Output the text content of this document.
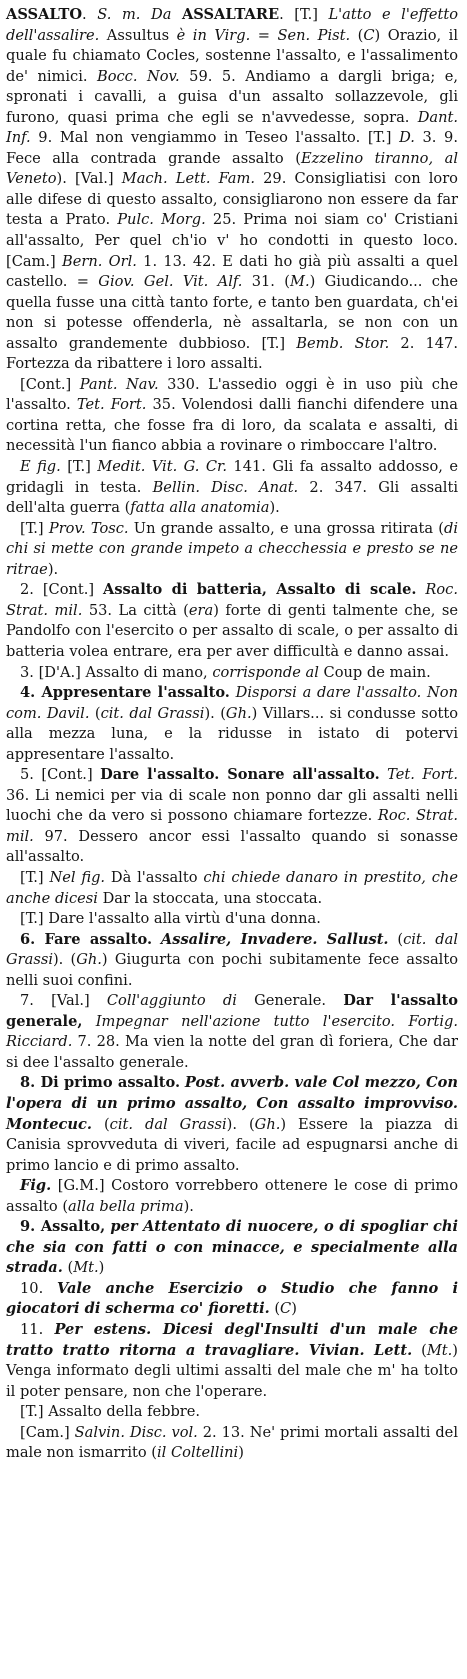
ASSALTO. S. m. Da ASSALTARE. [T.] L'atto e l'effetto dell'assalire. Assultus è in Virg. = Sen. Pist. (C) Orazio, il quale fu chiamato Cocles, sostenne l'assalto, e l'assalimento de' nimici. Bocc. Nov. 59. 5. Andiamo a dargli briga; e, spronati i cavalli, a guisa d'un assalto sollazzevole, gli furono, quasi prima che egli se n'avvedesse, sopra. Dant. Inf. 9. Mal non vengiammo in Teseo l'assalto. [T.] D. 3. 9. Fece alla contrada grande assalto (Ezzelino tiranno, al Veneto). [Val.] Mach. Lett. Fam. 29. Consigliatisi con loro alle difese di questo assalto, consigliarono non essere da far testa a Prato. Pulc. Morg. 25. Prima noi siam co' Cristiani all'assalto, Per quel ch'io v' ho condotti in questo loco. [Cam.] Bern. Orl. 1. 13. 42. E dati ho già più assalti a quel castello. = Giov. Gel. Vit. Alf. 31. (M.) Giudicando... che quella fusse una città tanto forte, e tanto ben guardata, ch'ei non si potesse offenderla, nè assaltarla, se non con un assalto grandemente dubbioso. [T.] Bemb. Stor. 2. 147. Fortezza da ribattere i loro assalti.

[Cont.] Pant. Nav. 330. L'assedio oggi è in uso più che l'assalto. Tet. Fort. 35. Volendosi dalli fianchi difendere una cortina retta, che fosse fra di loro, da scalata e assalti, di necessità l'un fianco abbia a rovinare o rimboccare l'altro.

E fig. [T.] Medit. Vit. G. Cr. 141. Gli fa assalto addosso, e gridagli in testa. Bellin. Disc. Anat. 2. 347. Gli assalti dell'alta guerra (fatta alla anatomia).

[T.] Prov. Tosc. Un grande assalto, e una grossa ritirata (di chi si mette con grande impeto a checchessia e presto se ne ritrae).

2. [Cont.] Assalto di batteria, Assalto di scale. Roc. Strat. mil. 53. La città (era) forte di genti talmente che, se Pandolfo con l'esercito o per assalto di scale, o per assalto di batteria volea entrare, era per aver difficultà e danno assai.

3. [D'A.] Assalto di mano, corrisponde al Coup de main.

4. Appresentare l'assalto. Disporsi a dare l'assalto. Non com. Davil. (cit. dal Grassi). (Gh.) Villars... si condusse sotto alla mezza luna, e la ridusse in istato di potervi appresentare l'assalto.

5. [Cont.] Dare l'assalto. Sonare all'assalto. Tet. Fort. 36. Li nemici per via di scale non ponno dar gli assalti nelli luochi che da vero si possono chiamare fortezze. Roc. Strat. mil. 97. Dessero ancor essi l'assalto quando si sonasse all'assalto.

[T.] Nel fig. Dà l'assalto chi chiede danaro in prestito, che anche dicesi Dar la stoccata, una stoccata.

[T.] Dare l'assalto alla virtù d'una donna.

6. Fare assalto. Assalire, Invadere. Sallust. (cit. dal Grassi). (Gh.) Giugurta con pochi subitamente fece assalto nelli suoi confini.

7. [Val.] Coll'aggiunto di Generale. Dar l'assalto generale, Impegnar nell'azione tutto l'esercito. Fortig. Ricciard. 7. 28. Ma vien la notte del gran dì foriera, Che dar si dee l'assalto generale.

8. Di primo assalto. Post. avverb. vale Col mezzo, Con l'opera di un primo assalto, Con assalto improvviso. Montecuc. (cit. dal Grassi). (Gh.) Essere la piazza di Canisia sprovveduta di viveri, facile ad espugnarsi anche di primo lancio e di primo assalto.

Fig. [G.M.] Costoro vorrebbero ottenere le cose di primo assalto (alla bella prima).

9. Assalto, per Attentato di nuocere, o di spogliar chi che sia con fatti o con minacce, e specialmente alla strada. (Mt.)

10. Vale anche Esercizio o Studio che fanno i giocatori di scherma co' fioretti. (C)

11. Per estens. Dicesi degl'Insulti d'un male che tratto tratto ritorna a travagliare. Vivian. Lett. (Mt.) Venga informato degli ultimi assalti del male che m' ha tolto il poter pensare, non che l'operare.

[T.] Assalto della febbre.

[Cam.] Salvin. Disc. vol. 2. 13. Ne' primi mortali assalti del male non ismarrito (il Coltellini)
